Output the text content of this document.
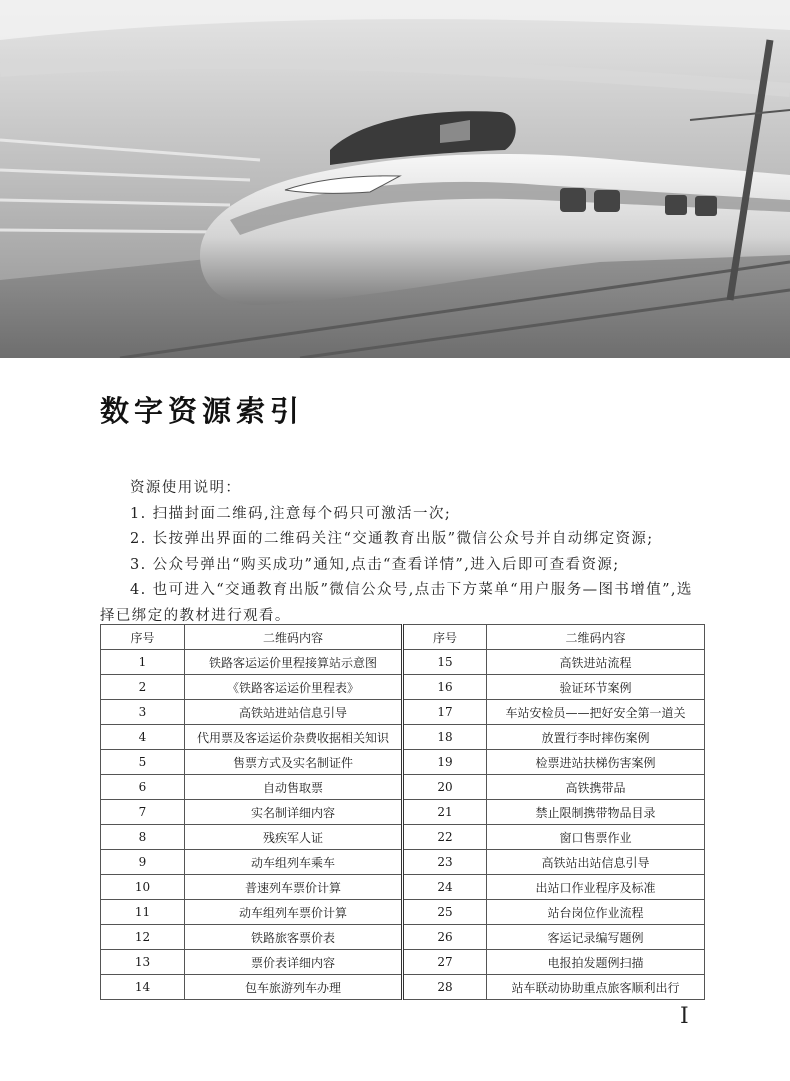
数字资源索引

资源使用说明：

1. 扫描封面二维码,注意每个码只可激活一次;

2. 长按弹出界面的二维码关注“交通教育出版”微信公众号并自动绑定资源;

3. 公众号弹出“购买成功”通知,点击“查看详情”,进入后即可查看资源;

4. 也可进入“交通教育出版”微信公众号,点击下方菜单“用户服务—图书增值”,选择已绑定的教材进行观看。

序号	二维码内容	序号	二维码内容
1	铁路客运运价里程接算站示意图	15	高铁进站流程
2	《铁路客运运价里程表》	16	验证环节案例
3	高铁站进站信息引导	17	车站安检员——把好安全第一道关
4	代用票及客运运价杂费收据相关知识	18	放置行李时摔伤案例
5	售票方式及实名制证件	19	检票进站扶梯伤害案例
6	自动售取票	20	高铁携带品
7	实名制详细内容	21	禁止限制携带物品目录
8	残疾军人证	22	窗口售票作业
9	动车组列车乘车	23	高铁站出站信息引导
10	普速列车票价计算	24	出站口作业程序及标准
11	动车组列车票价计算	25	站台岗位作业流程
12	铁路旅客票价表	26	客运记录编写题例
13	票价表详细内容	27	电报拍发题例扫描
14	包车旅游列车办理	28	站车联动协助重点旅客顺利出行
I
